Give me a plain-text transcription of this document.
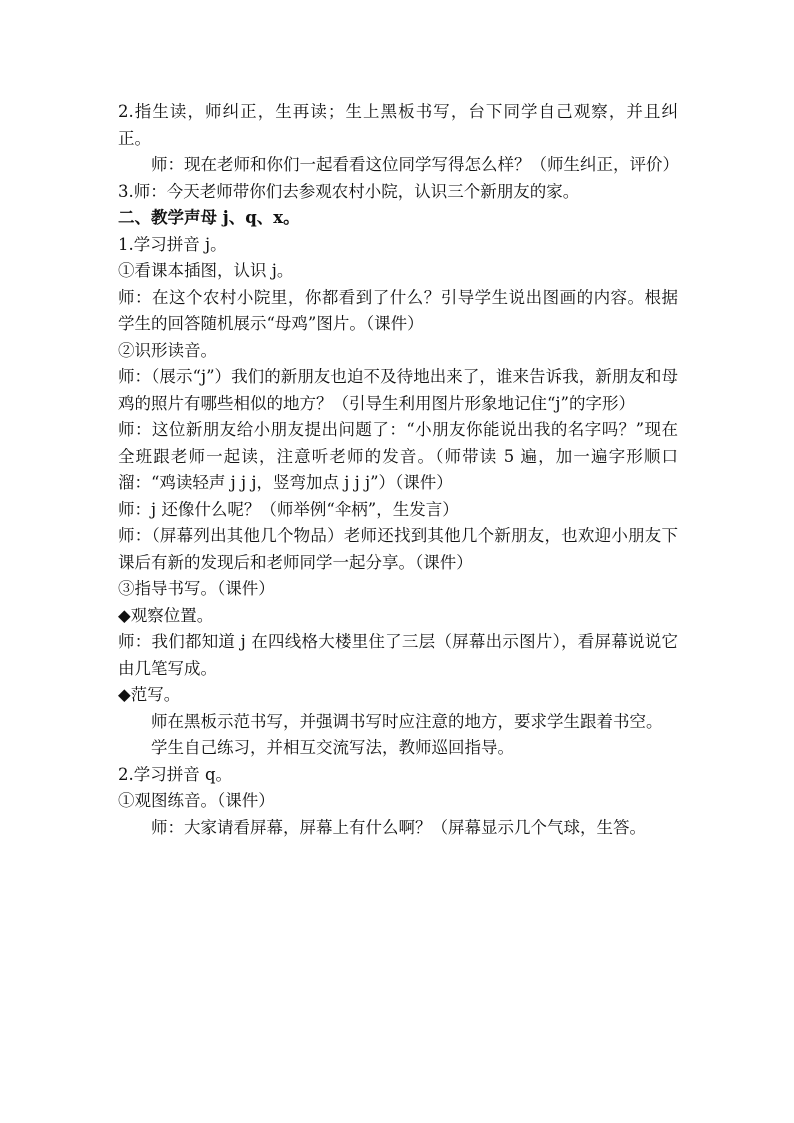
2.指生读，师纠正，生再读；生上黑板书写，台下同学自己观察，并且纠正。

师：现在老师和你们一起看看这位同学写得怎么样？（师生纠正，评价）

3.师：今天老师带你们去参观农村小院，认识三个新朋友的家。

二、教学声母 j、q、x。

1.学习拼音 j。

①看课本插图，认识 j。

师：在这个农村小院里，你都看到了什么？引导学生说出图画的内容。根据学生的回答随机展示“母鸡”图片。（课件）

②识形读音。

师：（展示“j”）我们的新朋友也迫不及待地出来了，谁来告诉我，新朋友和母鸡的照片有哪些相似的地方？（引导生利用图片形象地记住“j”的字形）

师：这位新朋友给小朋友提出问题了：“小朋友你能说出我的名字吗？”现在全班跟老师一起读，注意听老师的发音。（师带读 5 遍，加一遍字形顺口溜：“鸡读轻声 j j j，竖弯加点 j j j”）（课件）

师：j 还像什么呢？（师举例“伞柄”，生发言）

师：（屏幕列出其他几个物品）老师还找到其他几个新朋友，也欢迎小朋友下课后有新的发现后和老师同学一起分享。（课件）

③指导书写。（课件）

◆观察位置。

师：我们都知道 j 在四线格大楼里住了三层（屏幕出示图片），看屏幕说说它由几笔写成。

◆范写。

师在黑板示范书写，并强调书写时应注意的地方，要求学生跟着书空。

学生自己练习，并相互交流写法，教师巡回指导。

2.学习拼音 q。

①观图练音。（课件）

师：大家请看屏幕，屏幕上有什么啊？（屏幕显示几个气球，生答。
